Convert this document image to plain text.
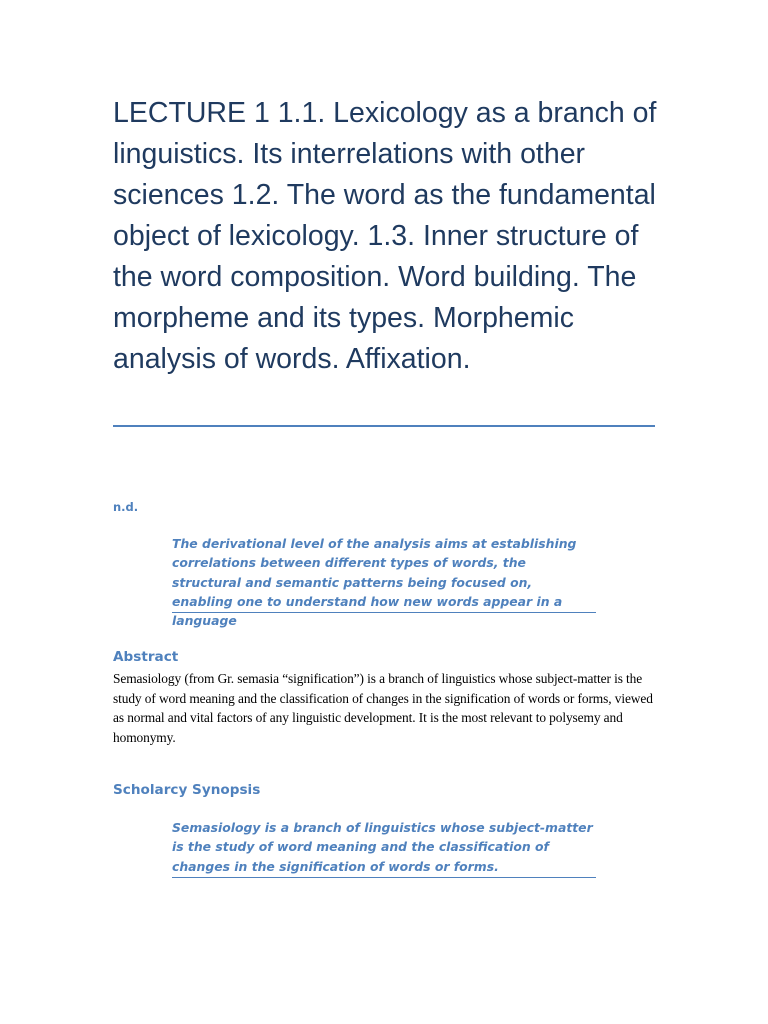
LECTURE 1 1.1. Lexicology as a branch of linguistics. Its interrelations with other sciences 1.2. The word as the fundamental object of lexicology. 1.3. Inner structure of the word composition. Word building. The morpheme and its types. Morphemic analysis of words. Affixation.
n.d.
The derivational level of the analysis aims at establishing correlations between different types of words, the structural and semantic patterns being focused on, enabling one to understand how new words appear in a language
Abstract
Semasiology (from Gr. semasia “signification”) is a branch of linguistics whose subject-matter is the study of word meaning and the classification of changes in the signification of words or forms, viewed as normal and vital factors of any linguistic development. It is the most relevant to polysemy and homonymy.
Scholarcy Synopsis
Semasiology is a branch of linguistics whose subject-matter is the study of word meaning and the classification of changes in the signification of words or forms.
